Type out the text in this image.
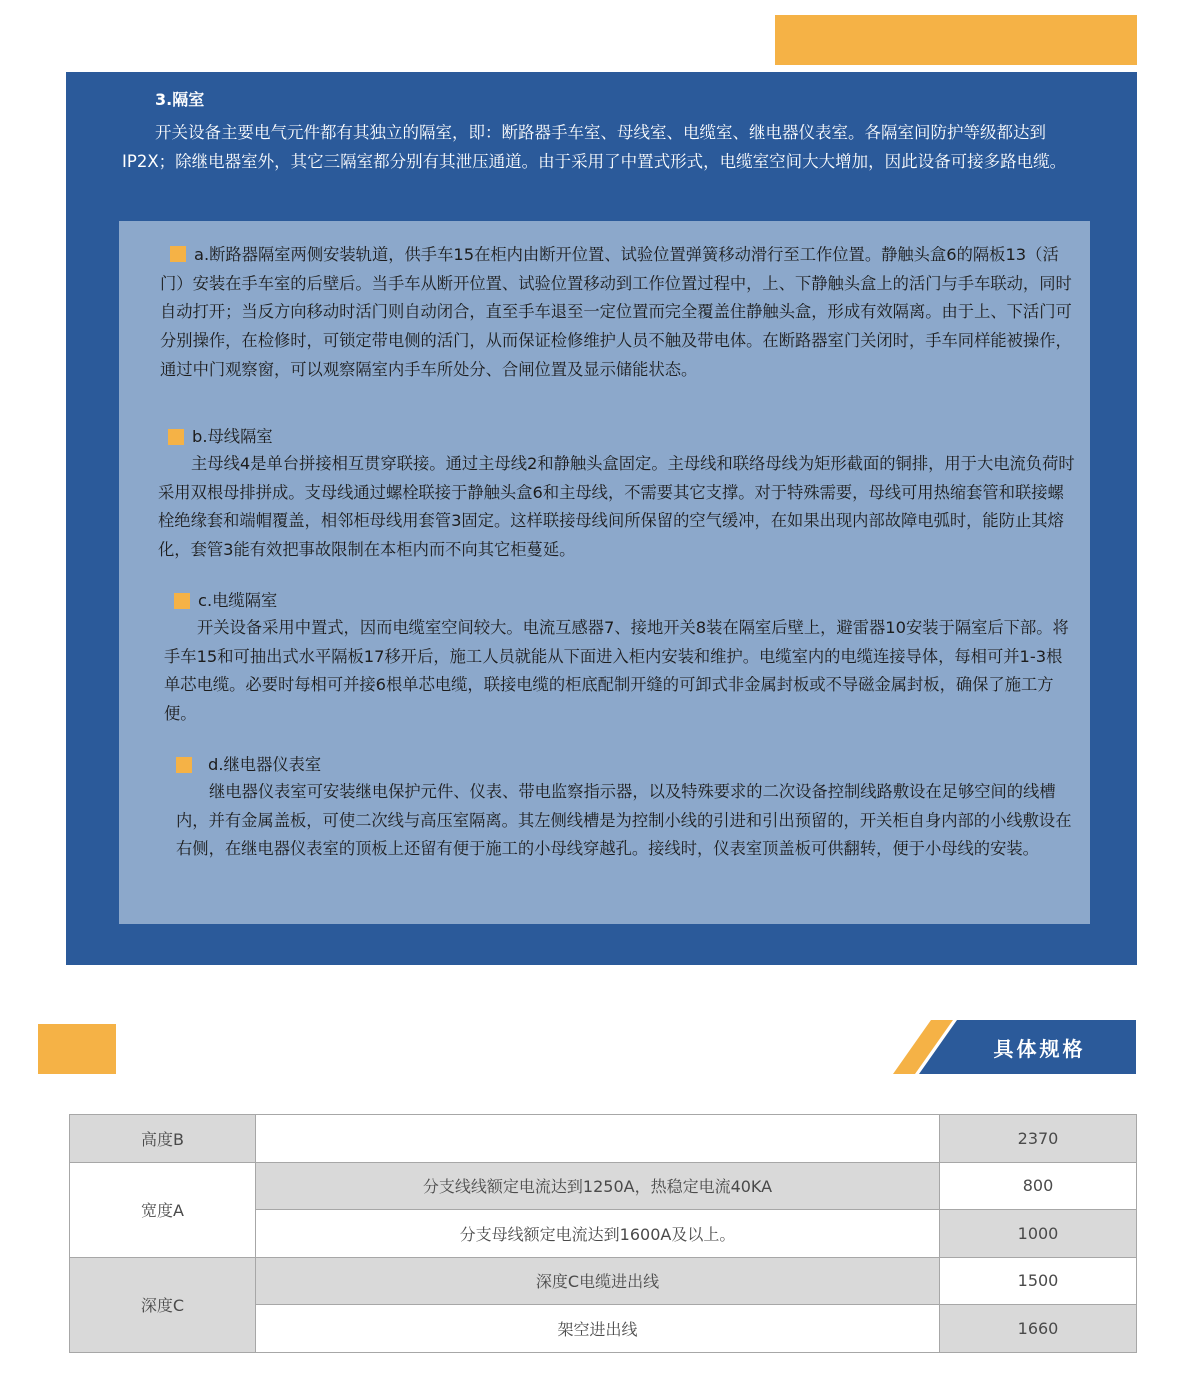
3.隔室

开关设备主要电气元件都有其独立的隔室，即：断路器手车室、母线室、电缆室、继电器仪表室。各隔室间防护等级都达到IP2X；除继电器室外，其它三隔室都分别有其泄压通道。由于采用了中置式形式，电缆室空间大大增加，因此设备可接多路电缆。

a.断路器隔室两侧安装轨道，供手车15在柜内由断开位置、试验位置弹簧移动滑行至工作位置。静触头盒6的隔板13（活门）安装在手车室的后壁后。当手车从断开位置、试验位置移动到工作位置过程中，上、下静触头盒上的活门与手车联动，同时自动打开；当反方向移动时活门则自动闭合，直至手车退至一定位置而完全覆盖住静触头盒，形成有效隔离。由于上、下活门可分别操作，在检修时，可锁定带电侧的活门，从而保证检修维护人员不触及带电体。在断路器室门关闭时，手车同样能被操作，通过中门观察窗，可以观察隔室内手车所处分、合闸位置及显示储能状态。

b.母线隔室

主母线4是单台拼接相互贯穿联接。通过主母线2和静触头盒固定。主母线和联络母线为矩形截面的铜排，用于大电流负荷时采用双根母排拼成。支母线通过螺栓联接于静触头盒6和主母线，不需要其它支撑。对于特殊需要，母线可用热缩套管和联接螺栓绝缘套和端帽覆盖，相邻柜母线用套管3固定。这样联接母线间所保留的空气缓冲，在如果出现内部故障电弧时，能防止其熔化，套管3能有效把事故限制在本柜内而不向其它柜蔓延。

c.电缆隔室

开关设备采用中置式，因而电缆室空间较大。电流互感器7、接地开关8装在隔室后壁上，避雷器10安装于隔室后下部。将手车15和可抽出式水平隔板17移开后，施工人员就能从下面进入柜内安装和维护。电缆室内的电缆连接导体，每相可并1-3根单芯电缆。必要时每相可并接6根单芯电缆，联接电缆的柜底配制开缝的可卸式非金属封板或不导磁金属封板，确保了施工方便。

d.继电器仪表室

继电器仪表室可安装继电保护元件、仪表、带电监察指示器，以及特殊要求的二次设备控制线路敷设在足够空间的线槽内，并有金属盖板，可使二次线与高压室隔离。其左侧线槽是为控制小线的引进和引出预留的，开关柜自身内部的小线敷设在右侧，在继电器仪表室的顶板上还留有便于施工的小母线穿越孔。接线时，仪表室顶盖板可供翻转，便于小母线的安装。

具体规格
高度B		2370
宽度A	分支线线额定电流达到1250A，热稳定电流40KA	800
	分支母线额定电流达到1600A及以上。	1000
深度C	深度C电缆进出线	1500
	架空进出线	1660
